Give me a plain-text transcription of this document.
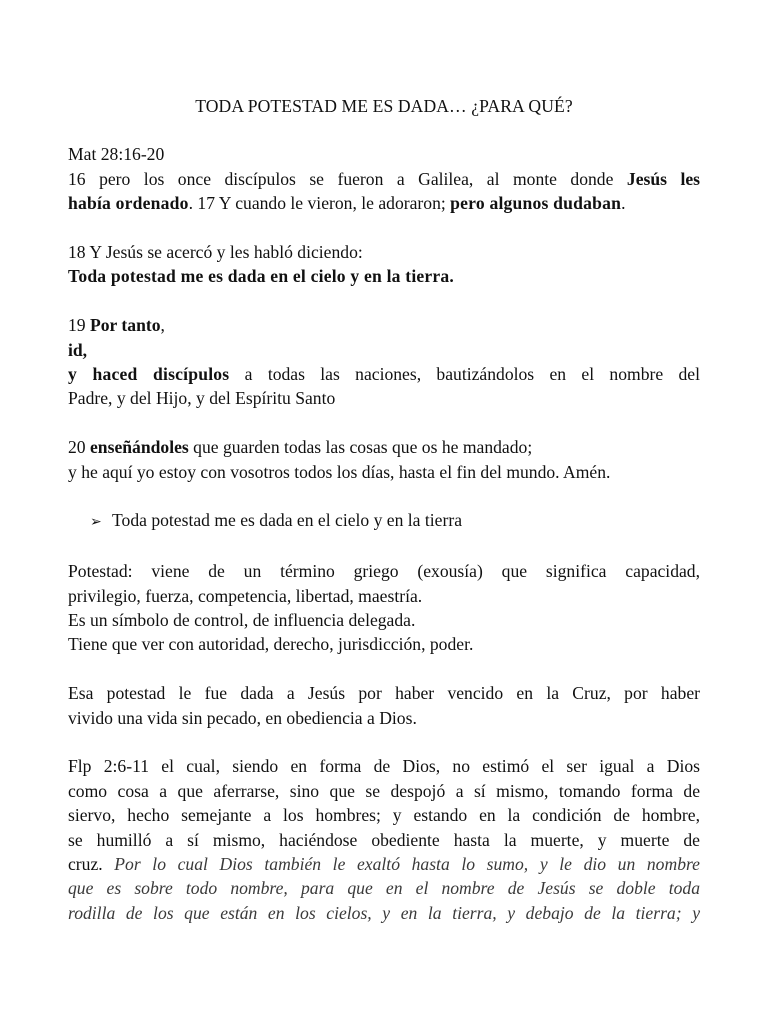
TODA POTESTAD ME ES DADA… ¿PARA QUÉ?
Mat 28:16-20
16 pero los once discípulos se fueron a Galilea, al monte donde Jesús les
había ordenado. 17 Y cuando le vieron, le adoraron; pero algunos dudaban.
18 Y Jesús se acercó y les habló diciendo:
Toda potestad me es dada en el cielo y en la tierra.
19 Por tanto,
id,
y haced discípulos a todas las naciones, bautizándolos en el nombre del
Padre, y del Hijo, y del Espíritu Santo
20 enseñándoles que guarden todas las cosas que os he mandado;
y he aquí yo estoy con vosotros todos los días, hasta el fin del mundo. Amén.
➢ Toda potestad me es dada en el cielo y en la tierra
Potestad: viene de un término griego (exousía) que significa capacidad,
privilegio, fuerza, competencia, libertad, maestría.
Es un símbolo de control, de influencia delegada.
Tiene que ver con autoridad, derecho, jurisdicción, poder.
Esa potestad le fue dada a Jesús por haber vencido en la Cruz, por haber
vivido una vida sin pecado, en obediencia a Dios.
Flp 2:6-11 el cual, siendo en forma de Dios, no estimó el ser igual a Dios
como cosa a que aferrarse, sino que se despojó a sí mismo, tomando forma de
siervo, hecho semejante a los hombres; y estando en la condición de hombre,
se humilló a sí mismo, haciéndose obediente hasta la muerte, y muerte de
cruz. Por lo cual Dios también le exaltó hasta lo sumo, y le dio un nombre
que es sobre todo nombre, para que en el nombre de Jesús se doble toda
rodilla de los que están en los cielos, y en la tierra, y debajo de la tierra; y
